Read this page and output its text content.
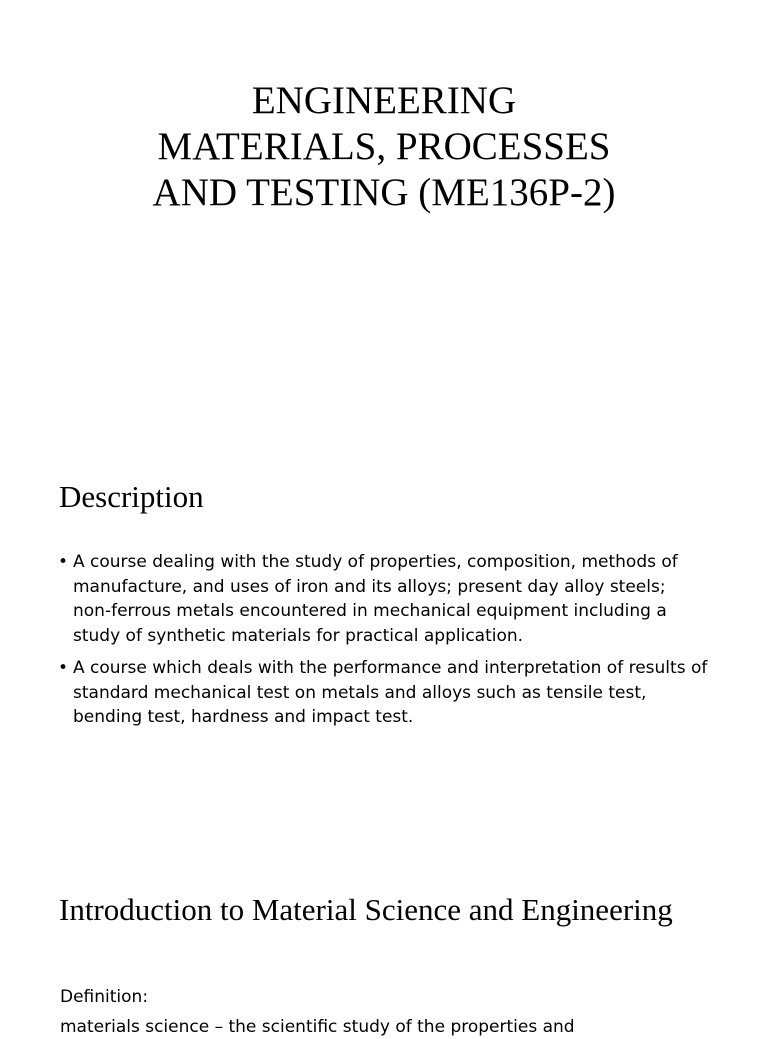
ENGINEERING
MATERIALS, PROCESSES
AND TESTING (ME136P-2)
Description
• A course dealing with the study of properties, composition, methods of manufacture, and uses of iron and its alloys; present day alloy steels; non-ferrous metals encountered in mechanical equipment including a study of synthetic materials for practical application.
• A course which deals with the performance and interpretation of results of standard mechanical test on metals and alloys such as tensile test, bending test, hardness and impact test.
Introduction to Material Science and Engineering

Definition:

materials science – the scientific study of the properties and
